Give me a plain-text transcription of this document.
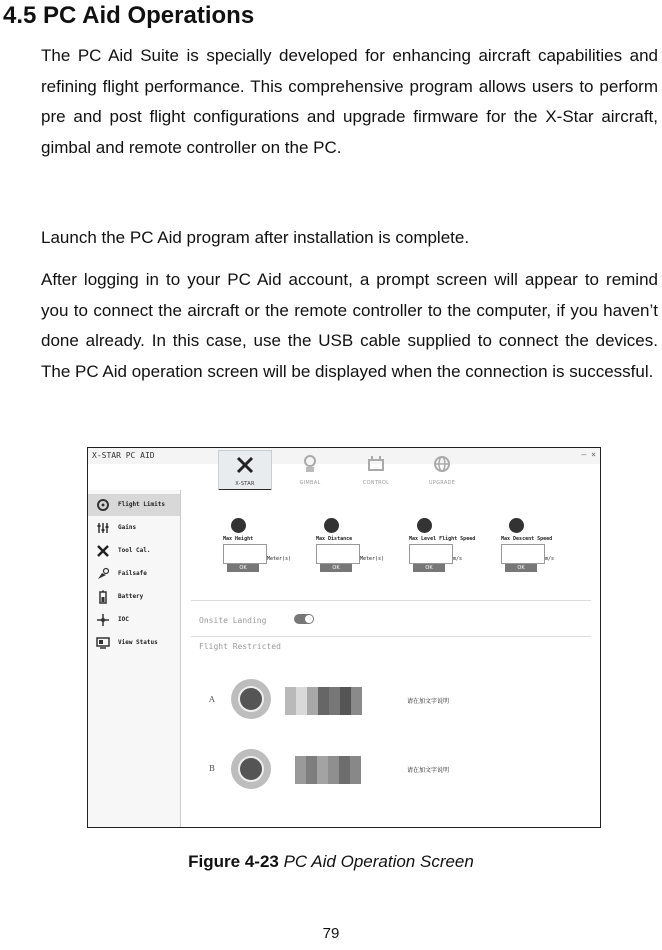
4.5 PC Aid Operations

The PC Aid Suite is specially developed for enhancing aircraft capabilities and refining flight performance. This comprehensive program allows users to perform pre and post flight configurations and upgrade firmware for the X-Star aircraft, gimbal and remote controller on the PC.

Launch the PC Aid program after installation is complete.

After logging in to your PC Aid account, a prompt screen will appear to remind you to connect the aircraft or the remote controller to the computer, if you haven’t done already. In this case, use the USB cable supplied to connect the devices. The PC Aid operation screen will be displayed when the connection is successful.

X-STAR PC AID	– ×
X-STAR	GIMBAL	CONTROL	UPGRADE
Flight Limits
Gains
Tool Cal.
Failsafe
Battery
IOC
View Status
Max Height
Meter(s)
OK
Max Distance
Meter(s)
OK
Max Level Flight Speed
m/s
OK
Max Descent Speed
m/s
OK
Onsite Landing
Flight Restricted
A	请在加文字说明
B	请在加文字说明
Figure 4-23 PC Aid Operation Screen
79
